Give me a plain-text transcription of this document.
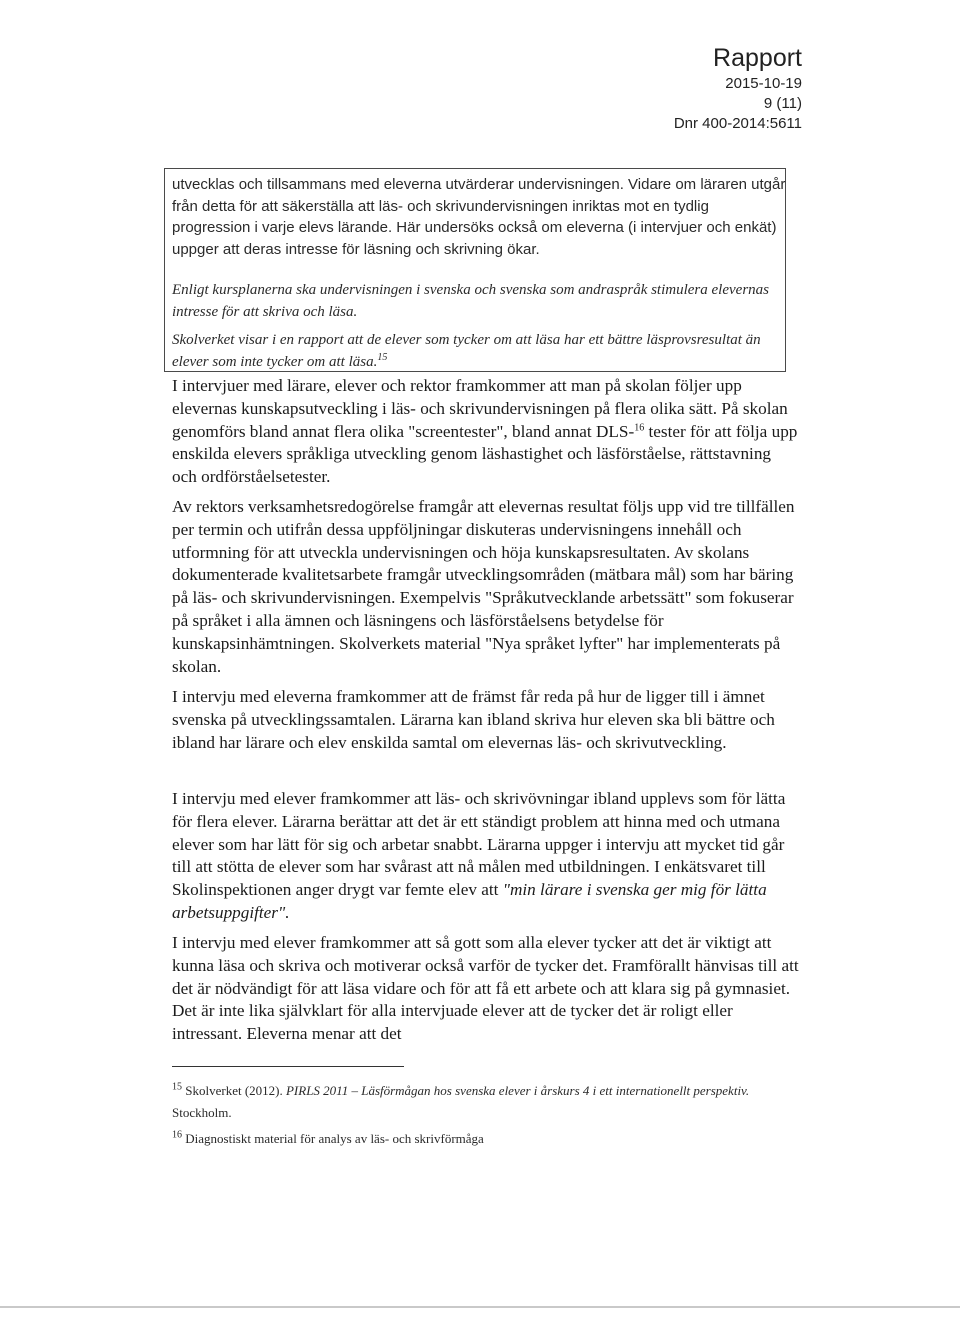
Rapport
2015-10-19
9 (11)
Dnr 400-2014:5611

utvecklas och tillsammans med eleverna utvärderar undervisningen. Vidare om läraren utgår från detta för att säkerställa att läs- och skrivundervisningen inriktas mot en tydlig progression i varje elevs lärande. Här undersöks också om eleverna (i intervjuer och enkät) uppger att deras intresse för läsning och skrivning ökar.

Enligt kursplanerna ska undervisningen i svenska och svenska som andraspråk stimulera elevernas intresse för att skriva och läsa.

Skolverket visar i en rapport att de elever som tycker om att läsa har ett bättre läsprovsresultat än elever som inte tycker om att läsa.$^{15}$

I intervjuer med lärare, elever och rektor framkommer att man på skolan följer upp elevernas kunskapsutveckling i läs- och skrivundervisningen på flera olika sätt. På skolan genomförs bland annat flera olika "screentester", bland annat DLS-$^{16}$ tester för att följa upp enskilda elevers språkliga utveckling genom läshastighet och läsförståelse, rättstavning och ordförståelsetester.

Av rektors verksamhetsredogörelse framgår att elevernas resultat följs upp vid tre tillfällen per termin och utifrån dessa uppföljningar diskuteras undervisningens innehåll och utformning för att utveckla undervisningen och höja kunskapsresultaten. Av skolans dokumenterade kvalitetsarbete framgår utvecklingsområden (mätbara mål) som har bäring på läs- och skrivundervisningen. Exempelvis "Språkutvecklande arbetssätt" som fokuserar på språket i alla ämnen och läsningens och läsförståelsens betydelse för kunskapsinhämtningen. Skolverkets material "Nya språket lyfter" har implementerats på skolan.

I intervju med eleverna framkommer att de främst får reda på hur de ligger till i ämnet svenska på utvecklingssamtalen. Lärarna kan ibland skriva hur eleven ska bli bättre och ibland har lärare och elev enskilda samtal om elevernas läs- och skrivutveckling.

I intervju med elever framkommer att läs- och skrivövningar ibland upplevs som för lätta för flera elever. Lärarna berättar att det är ett ständigt problem att hinna med och utmana elever som har lätt för sig och arbetar snabbt. Lärarna uppger i intervju att mycket tid går till att stötta de elever som har svårast att nå målen med utbildningen. I enkätsvaret till Skolinspektionen anger drygt var femte elev att "min lärare i svenska ger mig för lätta arbetsuppgifter".

I intervju med elever framkommer att så gott som alla elever tycker att det är viktigt att kunna läsa och skriva och motiverar också varför de tycker det. Framförallt hänvisas till att det är nödvändigt för att läsa vidare och för att få ett arbete och att klara sig på gymnasiet. Det är inte lika självklart för alla intervjuade elever att de tycker det är roligt eller intressant. Eleverna menar att det

$^{15}$ Skolverket (2012). PIRLS 2011 – Läsförmågan hos svenska elever i årskurs 4 i ett internationellt perspektiv. Stockholm.

$^{16}$ Diagnostiskt material för analys av läs- och skrivförmåga
